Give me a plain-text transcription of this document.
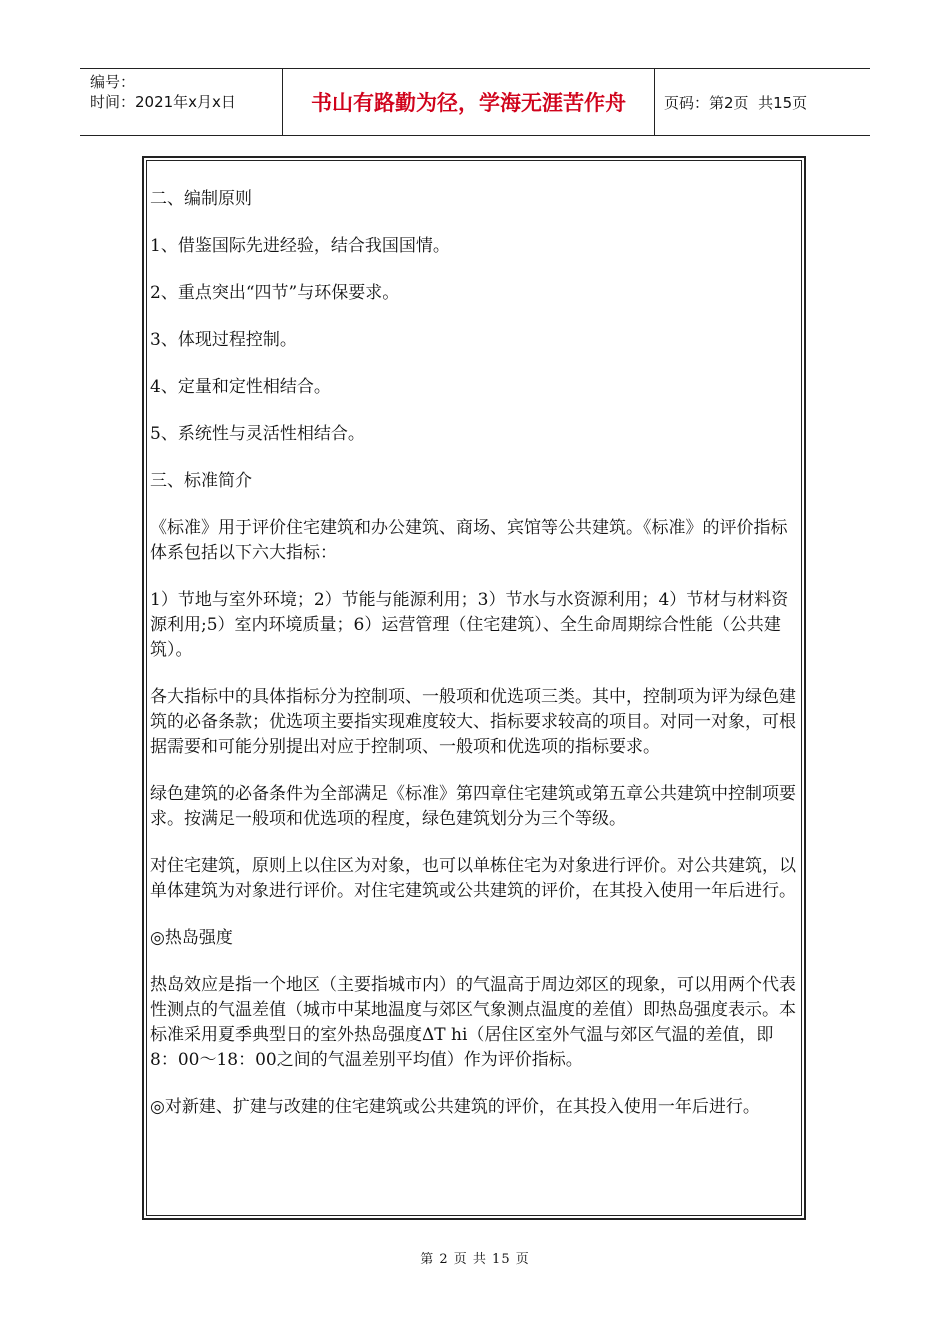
编号：
时间：2021年x月x日	书山有路勤为径，学海无涯苦作舟	页码：第2页  共15页

二、编制原则

1、借鉴国际先进经验，结合我国国情。

2、重点突出“四节”与环保要求。

3、体现过程控制。

4、定量和定性相结合。

5、系统性与灵活性相结合。

三、标准简介

《标准》用于评价住宅建筑和办公建筑、商场、宾馆等公共建筑。《标准》的评价指标体系包括以下六大指标：

1）节地与室外环境；2）节能与能源利用；3）节水与水资源利用；4）节材与材料资源利用;5）室内环境质量；6）运营管理（住宅建筑）、全生命周期综合性能（公共建筑）。

各大指标中的具体指标分为控制项、一般项和优选项三类。其中，控制项为评为绿色建筑的必备条款；优选项主要指实现难度较大、指标要求较高的项目。对同一对象，可根据需要和可能分别提出对应于控制项、一般项和优选项的指标要求。

绿色建筑的必备条件为全部满足《标准》第四章住宅建筑或第五章公共建筑中控制项要求。按满足一般项和优选项的程度，绿色建筑划分为三个等级。

对住宅建筑，原则上以住区为对象，也可以单栋住宅为对象进行评价。对公共建筑，以单体建筑为对象进行评价。对住宅建筑或公共建筑的评价，在其投入使用一年后进行。

◎热岛强度

热岛效应是指一个地区（主要指城市内）的气温高于周边郊区的现象，可以用两个代表性测点的气温差值（城市中某地温度与郊区气象测点温度的差值）即热岛强度表示。本标准采用夏季典型日的室外热岛强度ΔT hi（居住区室外气温与郊区气温的差值，即8：00～18：00之间的气温差别平均值）作为评价指标。

◎对新建、扩建与改建的住宅建筑或公共建筑的评价，在其投入使用一年后进行。

第 2 页 共 15 页
